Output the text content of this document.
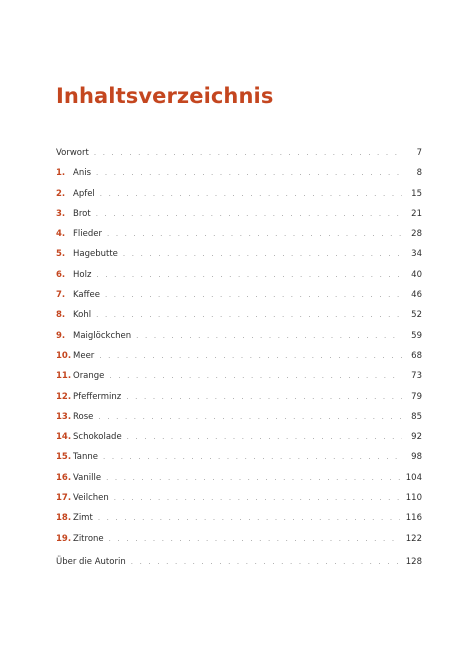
Inhaltsverzeichnis
Vorwort . . .	7
1. Anis . . .	8
2. Apfel . . .	15
3. Brot . . .	21
4. Flieder . . .	28
5. Hagebutte . . .	34
6. Holz . . .	40
7. Kaffee . . .	46
8. Kohl . . .	52
9. Maiglöckchen . . .	59
10. Meer . . .	68
11. Orange . . .	73
12. Pfefferminz . . .	79
13. Rose . . .	85
14. Schokolade . . .	92
15. Tanne . . .	98
16. Vanille . . .	104
17. Veilchen . . .	110
18. Zimt . . .	116
19. Zitrone . . .	122
Über die Autorin . . .	128
